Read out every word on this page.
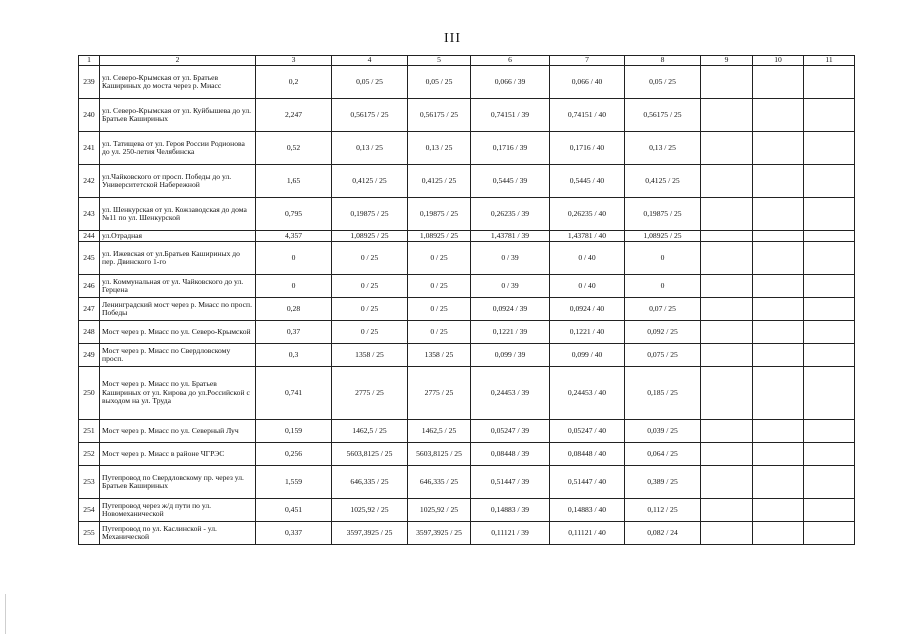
III
1	2	3	4	5	6	7	8	9	10	11
239	ул. Северо-Крымская от ул. Братьев Кашириных до моста через р. Миасс	0,2	0,05 / 25	0,05 / 25	0,066 / 39	0,066 / 40	0,05 / 25			
240	ул. Северо-Крымская от ул. Куйбышева до ул. Братьев Кашириных	2,247	0,56175 / 25	0,56175 / 25	0,74151 / 39	0,74151 / 40	0,56175 / 25			
241	ул. Татищева от ул. Героя России Родионова до ул. 250-летия Челябинска	0,52	0,13 / 25	0,13 / 25	0,1716 / 39	0,1716 / 40	0,13 / 25			
242	ул.Чайковского от просп. Победы до ул. Университетской Набережной	1,65	0,4125 / 25	0,4125 / 25	0,5445 / 39	0,5445 / 40	0,4125 / 25			
243	ул. Шенкурская от ул. Кожзаводская до дома №11 по ул. Шенкурской	0,795	0,19875 / 25	0,19875 / 25	0,26235 / 39	0,26235 / 40	0,19875 / 25			
244	ул.Отрадная	4,357	1,08925 / 25	1,08925 / 25	1,43781 / 39	1,43781 / 40	1,08925 / 25			
245	ул. Ижевская от ул.Братьев Кашириных до пер. Двинского 1-го	0	0 / 25	0 / 25	0 / 39	0 / 40	0			
246	ул. Коммунальная от ул. Чайковского до ул. Герцена	0	0 / 25	0 / 25	0 / 39	0 / 40	0			
247	Ленинградский мост через р. Миасс по просп. Победы	0,28	0 / 25	0 / 25	0,0924 / 39	0,0924 / 40	0,07 / 25			
248	Мост через р. Миасс по ул. Северо-Крымской	0,37	0 / 25	0 / 25	0,1221 / 39	0,1221 / 40	0,092 / 25			
249	Мост через р. Миасс по Свердловскому просп.	0,3	1358 / 25	1358 / 25	0,099 / 39	0,099 / 40	0,075 / 25			
250	Мост через р. Миасс по ул. Братьев Кашириных от ул. Кирова до ул.Российской с выходом на ул. Труда	0,741	2775 / 25	2775 / 25	0,24453 / 39	0,24453 / 40	0,185 / 25			
251	Мост через р. Миасс по ул. Северный Луч	0,159	1462,5 / 25	1462,5 / 25	0,05247 / 39	0,05247 / 40	0,039 / 25			
252	Мост через р. Миасс в районе ЧГРЭС	0,256	5603,8125 / 25	5603,8125 / 25	0,08448 / 39	0,08448 / 40	0,064 / 25			
253	Путепровод по Свердловскому пр. через ул. Братьев Кашириных	1,559	646,335 / 25	646,335 / 25	0,51447 / 39	0,51447 / 40	0,389 / 25			
254	Путепровод через ж/д пути по ул. Новомеханической	0,451	1025,92 / 25	1025,92 / 25	0,14883 / 39	0,14883 / 40	0,112 / 25			
255	Путепровод по ул. Каслинской - ул. Механической	0,337	3597,3925 / 25	3597,3925 / 25	0,11121 / 39	0,11121 / 40	0,082 / 24			
